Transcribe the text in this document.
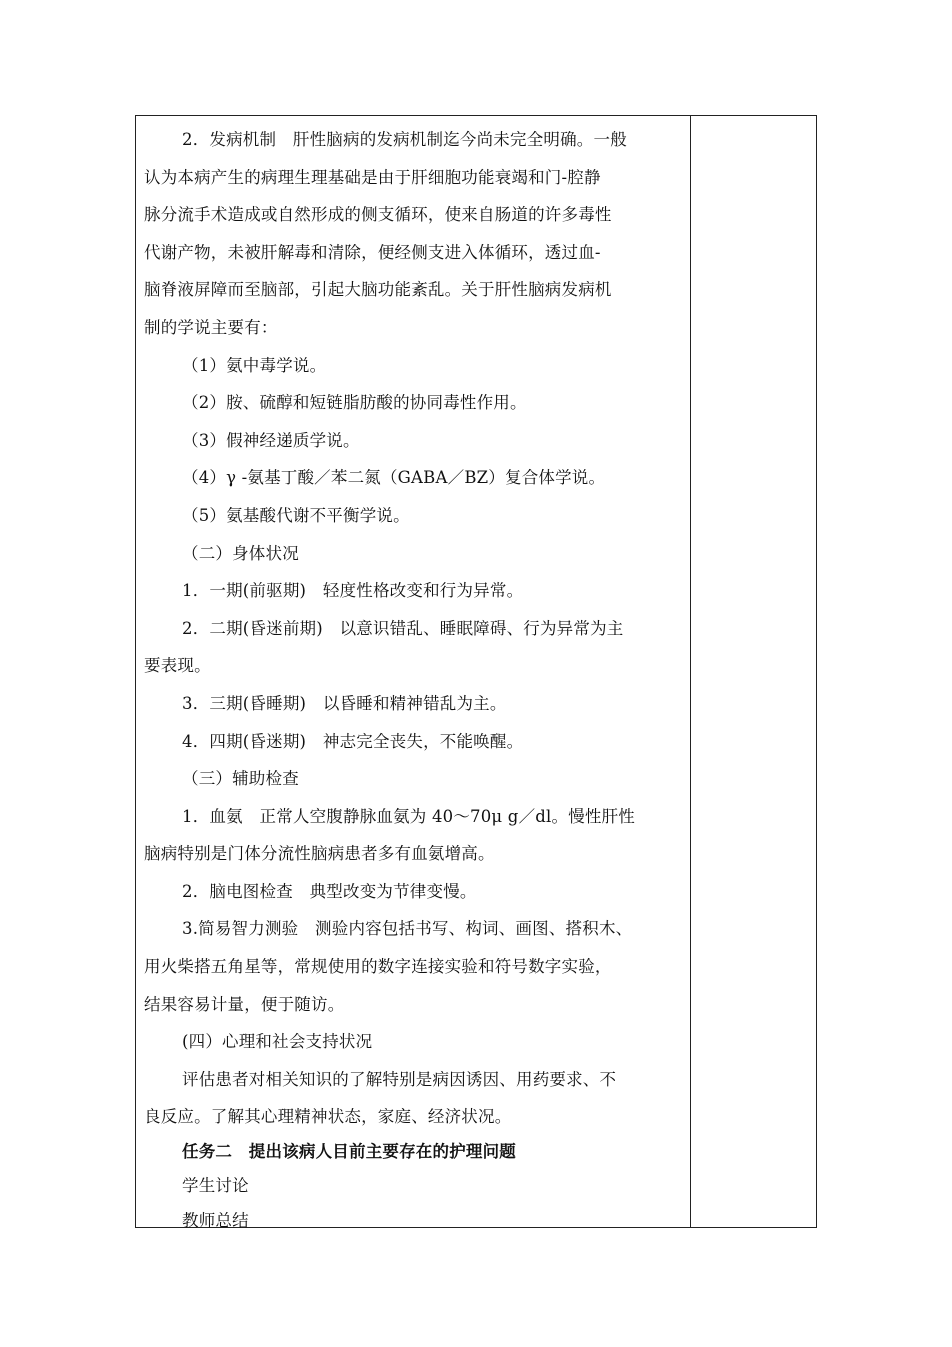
2．发病机制　肝性脑病的发病机制迄今尚未完全明确。一般
认为本病产生的病理生理基础是由于肝细胞功能衰竭和门-腔静
脉分流手术造成或自然形成的侧支循环，使来自肠道的许多毒性
代谢产物，未被肝解毒和清除，便经侧支进入体循环，透过血-
脑脊液屏障而至脑部，引起大脑功能紊乱。关于肝性脑病发病机
制的学说主要有：
（1）氨中毒学说。
（2）胺、硫醇和短链脂肪酸的协同毒性作用。
（3）假神经递质学说。
（4）γ -氨基丁酸／苯二氮（GABA／BZ）复合体学说。
（5）氨基酸代谢不平衡学说。
（二）身体状况
1．一期(前驱期)　轻度性格改变和行为异常。
2．二期(昏迷前期)　以意识错乱、睡眠障碍、行为异常为主
要表现。
3．三期(昏睡期)　以昏睡和精神错乱为主。
4．四期(昏迷期)　神志完全丧失，不能唤醒。
（三）辅助检查
1．血氨　正常人空腹静脉血氨为 40～70μ g／dl。慢性肝性
脑病特别是门体分流性脑病患者多有血氨增高。
2．脑电图检查　典型改变为节律变慢。
3.简易智力测验　测验内容包括书写、构词、画图、搭积木、
用火柴搭五角星等，常规使用的数字连接实验和符号数字实验，
结果容易计量，便于随访。
(四）心理和社会支持状况
评估患者对相关知识的了解特别是病因诱因、用药要求、不
良反应。了解其心理精神状态，家庭、经济状况。
任务二　提出该病人目前主要存在的护理问题
学生讨论
教师总结
